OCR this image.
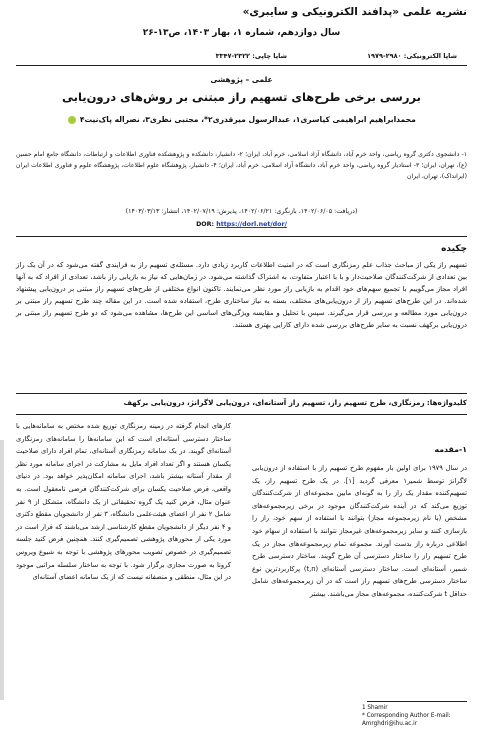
نشریه علمی «پدافند الکترونیکی و سایبری»
سال دوازدهم، شماره ۱، بهار ۱۴۰۳، ص۱۳-۲۶
شاپا الکترونیکی: ۲۹۸۰-۱۹۷۹
شاپا چاپی: ۲۳۲۲-۳۳۴۷
علمی – پژوهشی
بررسی برخی طرح‌های تسهیم راز مبتنی بر روش‌های درون‌یابی
محمدابراهیم ابراهیمی کیاسری۱، عبدالرسول میرقدری۲*، مجتبی نظری۳، نصراله پاک‌نیت۴
۱- دانشجوی دکتری گروه ریاضی، واحد خرم آباد، دانشگاه آزاد اسلامی، خرم آباد، ایران؛ ۲- دانشیار، دانشکده و پژوهشکده فناوری اطلاعات و ارتباطات، دانشگاه جامع امام حسین (ع)، تهران، ایران؛ ۳- استادیار گروه ریاضی، واحد خرم آباد، دانشگاه آزاد اسلامی، خرم آباد، ایران؛ ۴- دانشیار، پژوهشگاه علوم اطلاعات، پژوهشگاه علوم و فناوری اطلاعات ایران (ایرانداک)، تهران، ایران
(دریافت: ۱۴۰۲/۰۶/۰۵، بازنگری: ۱۴۰۲/۰۶/۲۱، پذیرش: ۱۴۰۲/۰۷/۱۹، انتشار: ۱۴۰۳/۰۳/۱۳)
DOR: https://dorl.net/dor/
چکیده
تسهیم راز یکی از مباحث جذاب علم رمزنگاری است که در امنیت اطلاعات کاربرد زیادی دارد. مسئله‌ی تسهیم راز به فرایندی گفته می‌شود که در آن یک راز بین تعدادی از شرکت‌کنندگان صلاحیت‌دار و با با اعتبار متفاوت، به اشتراک گذاشته می‌شود. در زمان‌هایی که نیاز به بازیابی راز باشد، تعدادی از افراد که به آنها افراد مجاز می‌گوییم با تجمیع سهم‌های خود اقدام به بازیابی راز مورد نظر می‌نمایند. تاکنون انواع مختلفی از طرح‌های تسهیم راز مبتنی بر درون‌یابی پیشنهاد شده‌اند. در این طرح‌های تسهیم راز از درون‌یابی‌های مختلف، بسته به نیاز ساختاری طرح، استفاده شده است. در این مقاله چند طرح تسهیم راز مبتنی بر درون‌یابی مورد مطالعه و بررسی قرار می‌گیرند. سپس با تحلیل و مقایسه ویژگی‌های اساسی این طرح‌ها، مشاهده می‌شود که دو طرح تسهیم راز مبتنی بر درون‌یابی برکهف نسبت به سایر طرح‌های بررسی شده دارای کارایی بهتری هستند.
کلیدواژه‌ها: رمزنگاری، طرح تسهیم راز، تسهیم راز آستانه‌ای، درون‌یابی لاگرانژ، درون‌یابی برکهف
۱-مقدمه
در سال ۱۹۷۹ برای اولین بار مفهوم طرح تسهیم راز با استفاده از درون‌یابی لاگرانژ توسط شمیر۱ معرفی گردید [۱]. در یک طرح تسهیم راز، یک تسهیم‌کننده مقدار یک راز را به گونه‌ای مابین مجموعه‌ای از شرکت‌کنندگان توزیع می‌کند که در آینده شرکت‌کنندگان موجود در برخی زیرمجموعه‌های مشخص (با نام زیرمجموعه مجاز) بتوانند با استفاده از سهم خود، راز را بازسازی کنند و سایر زیرمجموعه‌های غیرمجاز نتوانند با استفاده از سهام خود اطلاعی درباره راز بدست آورند. مجموعه تمام زیرمجموعه‌های مجاز در یک طرح تسهیم راز را ساختار دسترسی آن طرح گویند. ساختار دسترسی طرح شمیر، آستانه‌ای است. ساختار دسترسی آستانه‌ای (t,n) پرکاربردترین نوع ساختار دسترسی طرح‌های تسهیم راز است که در آن زیرمجموعه‌های شامل حداقل t شرکت‌کننده، مجموعه‌های مجاز می‌باشند. بیشتر
کارهای انجام گرفته در زمینه رمزنگاری توزیع شده مختص به سامانه‌هایی با ساختار دسترسی آستانه‌ای است که این سامانه‌ها را سامانه‌های رمزنگاری آستانه‌ای گویند. در یک سامانه رمزنگاری آستانه‌ای، تمام افراد دارای صلاحیت یکسان هستند و اگر تعداد افراد مایل به مشارکت در اجرای سامانه مورد نظر از مقدار آستانه بیشتر باشد، اجرای سامانه امکان‌پذیر خواهد بود. در دنیای واقعی، فرض صلاحیت یکسان برای شرکت‌کنندگان فرضی نامعقول است. به عنوان مثال، فرض کنید یک گروه تحقیقاتی از یک دانشگاه، متشکل از ۹ نفر شامل ۲ نفر از اعضای هیئت‌علمی دانشگاه، ۳ نفر از دانشجویان مقطع دکتری و ۴ نفر دیگر از دانشجویان مقطع کارشناسی ارشد می‌باشند که قرار است در مورد یکی از محورهای پژوهشی تصمیم‌گیری کنند. همچنین فرض کنید جلسه تصمیم‌گیری در خصوص تصویب محورهای پژوهشی با توجه به شیوع ویروس کرونا به صورت مجازی برگزار شود. با توجه به ساختار سلسله مراتبی موجود در این مثال، منطقی و منصفانه نیست که از یک سامانه اعضای آستانه‌ای
1 Shamir
* Corresponding Author E-mail: Amrghdri@ihu.ac.ir
